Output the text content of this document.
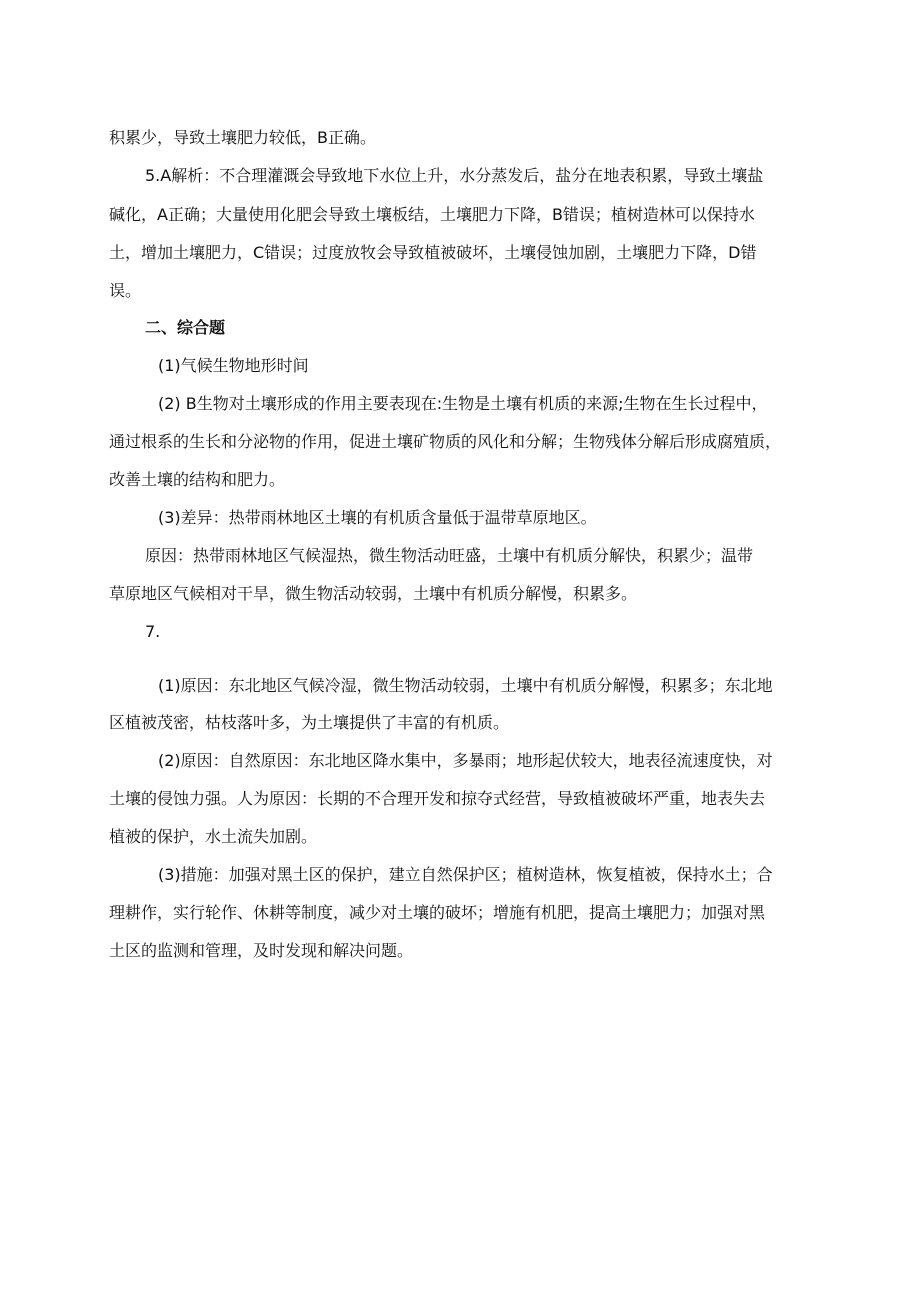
积累少，导致土壤肥力较低，B正确。
5.A解析：不合理灌溉会导致地下水位上升，水分蒸发后，盐分在地表积累，导致土壤盐
碱化，A正确；大量使用化肥会导致土壤板结，土壤肥力下降，B错误；植树造林可以保持水
土，增加土壤肥力，C错误；过度放牧会导致植被破坏，土壤侵蚀加剧，土壤肥力下降，D错
误。
二、综合题
(1)气候生物地形时间
(2) B生物对土壤形成的作用主要表现在:生物是土壤有机质的来源;生物在生长过程中，
通过根系的生长和分泌物的作用，促进土壤矿物质的风化和分解；生物残体分解后形成腐殖质，
改善土壤的结构和肥力。
(3)差异：热带雨林地区土壤的有机质含量低于温带草原地区。
原因：热带雨林地区气候湿热，微生物活动旺盛，土壤中有机质分解快，积累少；温带
草原地区气候相对干旱，微生物活动较弱，土壤中有机质分解慢，积累多。
7.
(1)原因：东北地区气候冷湿，微生物活动较弱，土壤中有机质分解慢，积累多；东北地
区植被茂密，枯枝落叶多，为土壤提供了丰富的有机质。
(2)原因：自然原因：东北地区降水集中，多暴雨；地形起伏较大，地表径流速度快，对
土壤的侵蚀力强。人为原因：长期的不合理开发和掠夺式经营，导致植被破坏严重，地表失去
植被的保护，水土流失加剧。
(3)措施：加强对黑土区的保护，建立自然保护区；植树造林，恢复植被，保持水土；合
理耕作，实行轮作、休耕等制度，减少对土壤的破坏；增施有机肥，提高土壤肥力；加强对黑
土区的监测和管理，及时发现和解决问题。
